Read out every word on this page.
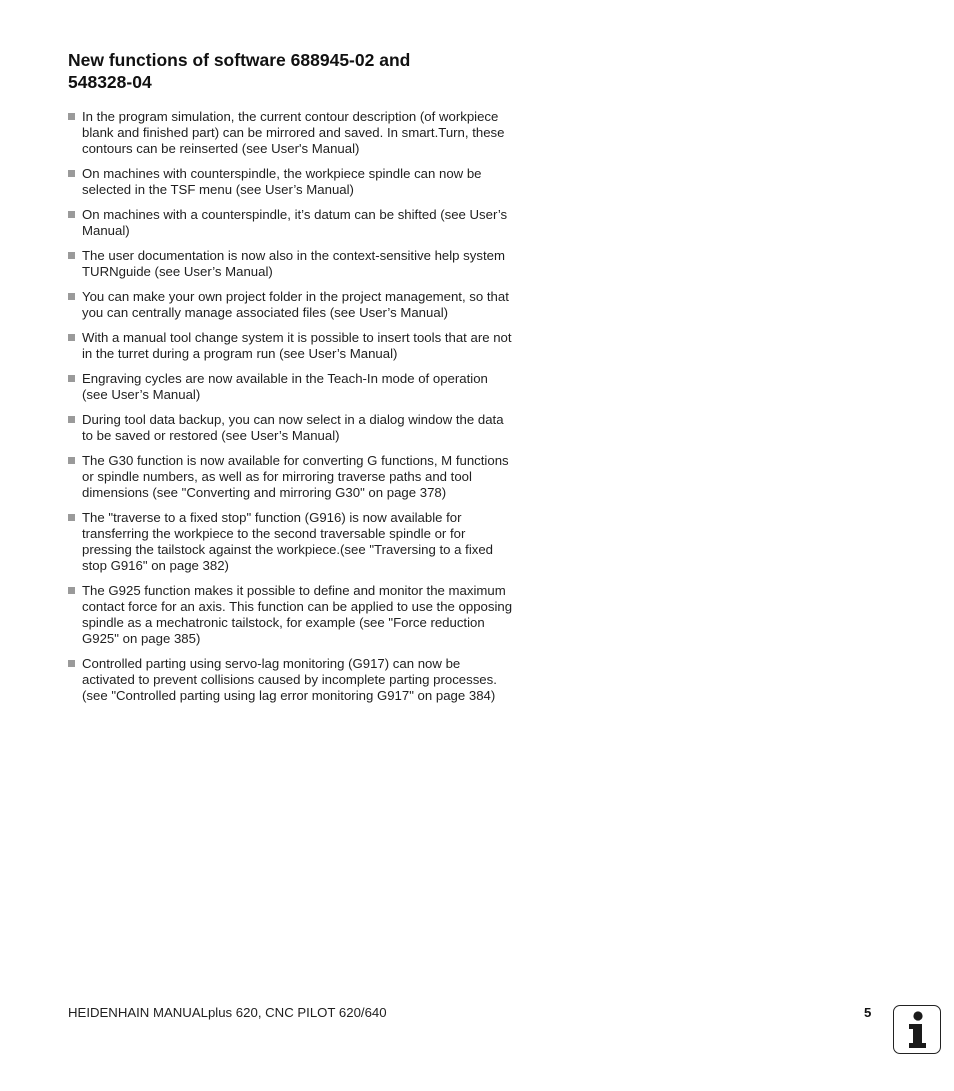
New functions of software 688945-02 and
548328-04
In the program simulation, the current contour description (of workpiece blank and finished part) can be mirrored and saved. In smart.Turn, these contours can be reinserted (see User's Manual)
On machines with counterspindle, the workpiece spindle can now be selected in the TSF menu (see User’s Manual)
On machines with a counterspindle, it’s datum can be shifted (see User’s Manual)
The user documentation is now also in the context-sensitive help system TURNguide (see User’s Manual)
You can make your own project folder in the project management, so that you can centrally manage associated files (see User’s Manual)
With a manual tool change system it is possible to insert tools that are not in the turret during a program run (see User’s Manual)
Engraving cycles are now available in the Teach-In mode of operation (see User’s Manual)
During tool data backup, you can now select in a dialog window the data to be saved or restored (see User’s Manual)
The G30 function is now available for converting G functions, M functions or spindle numbers, as well as for mirroring traverse paths and tool dimensions (see "Converting and mirroring G30" on page 378)
The "traverse to a fixed stop" function (G916) is now available for transferring the workpiece to the second traversable spindle or for pressing the tailstock against the workpiece.(see "Traversing to a fixed stop G916" on page 382)
The G925 function makes it possible to define and monitor the maximum contact force for an axis. This function can be applied to use the opposing spindle as a mechatronic tailstock, for example (see "Force reduction G925" on page 385)
Controlled parting using servo-lag monitoring (G917) can now be activated to prevent collisions caused by incomplete parting processes.(see "Controlled parting using lag error monitoring G917" on page 384)
HEIDENHAIN MANUALplus 620, CNC PILOT 620/640	5
